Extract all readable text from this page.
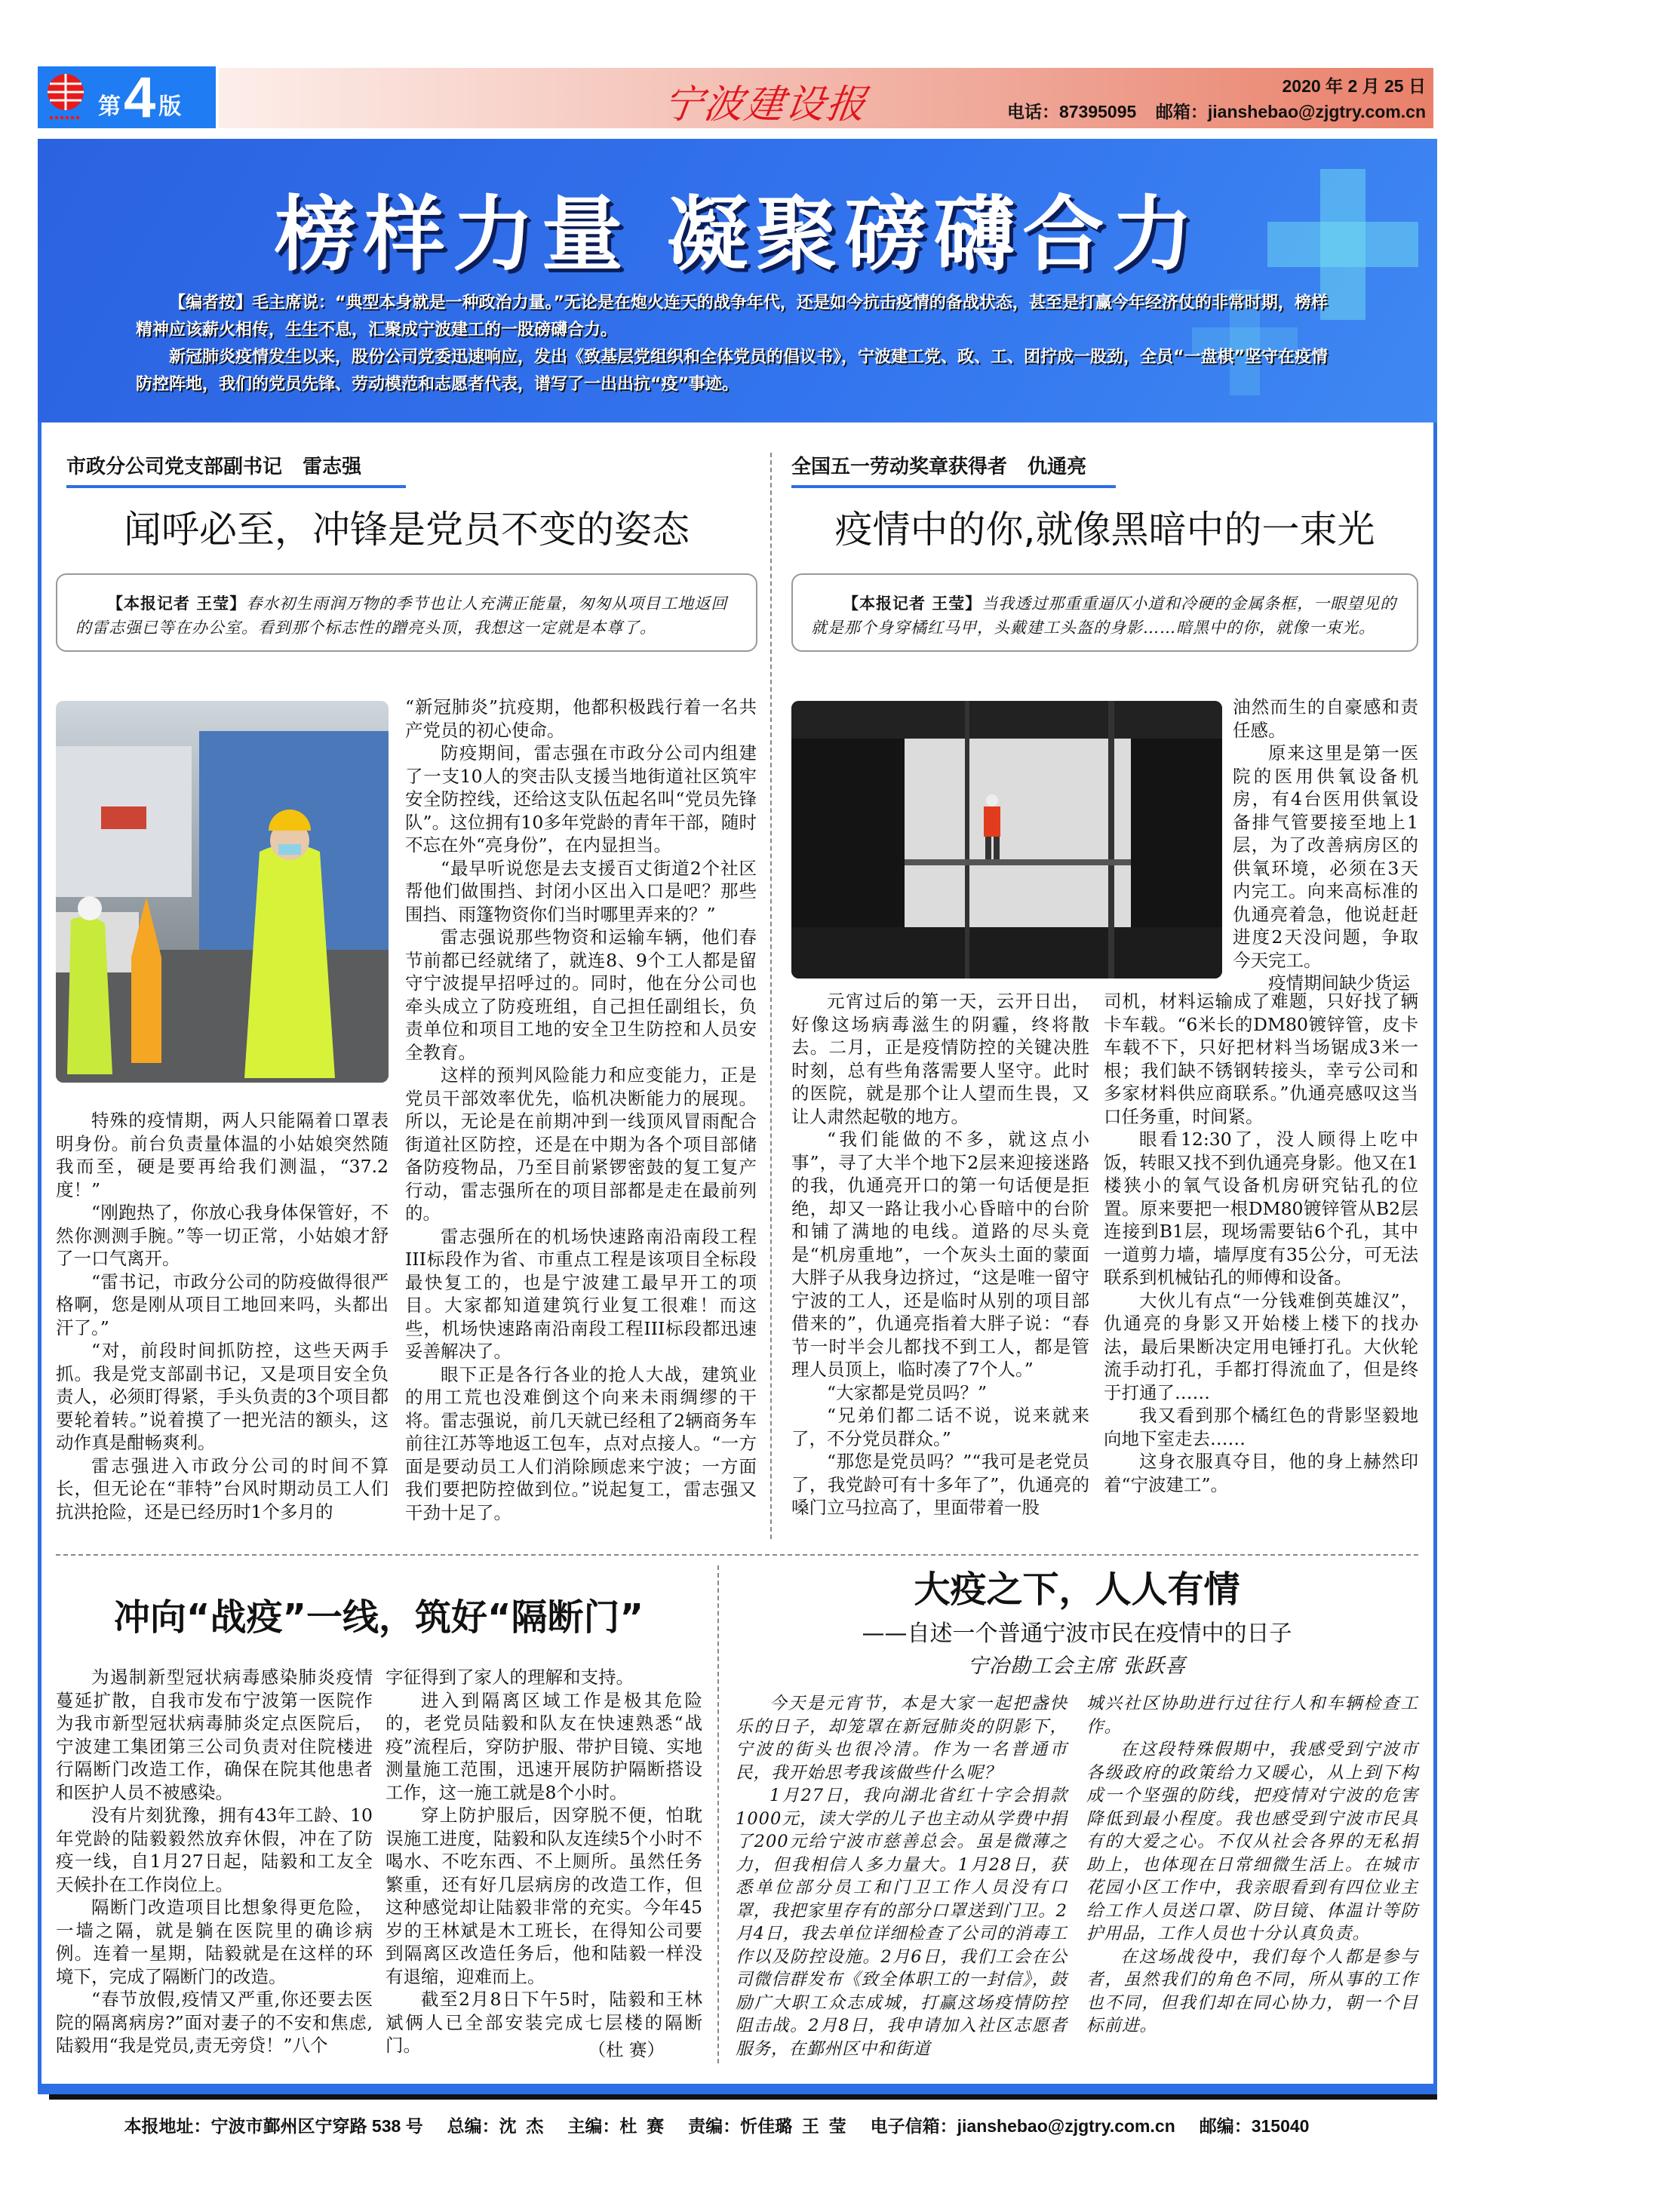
第 4 版	宁波建设报	2020 年 2 月 25 日
电话：87395095 邮箱：jianshebao@zjgtry.com.cn
榜样力量 凝聚磅礴合力

【编者按】毛主席说：“典型本身就是一种政治力量。”无论是在炮火连天的战争年代，还是如今抗击疫情的备战状态，甚至是打赢今年经济仗的非常时期，榜样精神应该薪火相传，生生不息，汇聚成宁波建工的一股磅礴合力。

新冠肺炎疫情发生以来，股份公司党委迅速响应，发出《致基层党组织和全体党员的倡议书》，宁波建工党、政、工、团拧成一股劲，全员“一盘棋”坚守在疫情防控阵地，我们的党员先锋、劳动模范和志愿者代表，谱写了一出出抗“疫”事迹。

市政分公司党支部副书记   雷志强
闻呼必至，冲锋是党员不变的姿态
【本报记者 王莹】春水初生雨润万物的季节也让人充满正能量，匆匆从项目工地返回的雷志强已等在办公室。看到那个标志性的蹭亮头顶，我想这一定就是本尊了。

特殊的疫情期，两人只能隔着口罩表明身份。前台负责量体温的小姑娘突然随我而至，硬是要再给我们测温，“37.2度！”

“刚跑热了，你放心我身体保管好，不然你测测手腕。”等一切正常，小姑娘才舒了一口气离开。

“雷书记，市政分公司的防疫做得很严格啊，您是刚从项目工地回来吗，头都出汗了。”

“对，前段时间抓防控，这些天两手抓。我是党支部副书记，又是项目安全负责人，必须盯得紧，手头负责的3个项目都要轮着转。”说着摸了一把光洁的额头，这动作真是酣畅爽利。

雷志强进入市政分公司的时间不算长，但无论在“菲特”台风时期动员工人们抗洪抢险，还是已经历时1个多月的

“新冠肺炎”抗疫期，他都积极践行着一名共产党员的初心使命。

防疫期间，雷志强在市政分公司内组建了一支10人的突击队支援当地街道社区筑牢安全防控线，还给这支队伍起名叫“党员先锋队”。这位拥有10多年党龄的青年干部，随时不忘在外“亮身份”，在内显担当。

“最早听说您是去支援百丈街道2个社区帮他们做围挡、封闭小区出入口是吧？那些围挡、雨篷物资你们当时哪里弄来的？”

雷志强说那些物资和运输车辆，他们春节前都已经就绪了，就连8、9个工人都是留守宁波提早招呼过的。同时，他在分公司也牵头成立了防疫班组，自己担任副组长，负责单位和项目工地的安全卫生防控和人员安全教育。

这样的预判风险能力和应变能力，正是党员干部效率优先，临机决断能力的展现。所以，无论是在前期冲到一线顶风冒雨配合街道社区防控，还是在中期为各个项目部储备防疫物品，乃至目前紧锣密鼓的复工复产行动，雷志强所在的项目部都是走在最前列的。

雷志强所在的机场快速路南沿南段工程III标段作为省、市重点工程是该项目全标段最快复工的，也是宁波建工最早开工的项目。大家都知道建筑行业复工很难！而这些，机场快速路南沿南段工程III标段都迅速妥善解决了。

眼下正是各行各业的抢人大战，建筑业的用工荒也没难倒这个向来未雨绸缪的干将。雷志强说，前几天就已经租了2辆商务车前往江苏等地返工包车，点对点接人。“一方面是要动员工人们消除顾虑来宁波；一方面我们要把防控做到位。”说起复工，雷志强又干劲十足了。

全国五一劳动奖章获得者   仇通亮
疫情中的你,就像黑暗中的一束光
【本报记者 王莹】当我透过那重重逼仄小道和冷硬的金属条框，一眼望见的就是那个身穿橘红马甲，头戴建工头盔的身影……暗黑中的你，就像一束光。

元宵过后的第一天，云开日出，好像这场病毒滋生的阴霾，终将散去。二月，正是疫情防控的关键决胜时刻，总有些角落需要人坚守。此时的医院，就是那个让人望而生畏，又让人肃然起敬的地方。

“我们能做的不多，就这点小事”，寻了大半个地下2层来迎接迷路的我，仇通亮开口的第一句话便是拒绝，却又一路让我小心昏暗中的台阶和铺了满地的电线。道路的尽头竟是“机房重地”，一个灰头土面的蒙面大胖子从我身边挤过，“这是唯一留守宁波的工人，还是临时从别的项目部借来的”，仇通亮指着大胖子说：“春节一时半会儿都找不到工人，都是管理人员顶上，临时凑了7个人。”

“大家都是党员吗？”

“兄弟们都二话不说，说来就来了，不分党员群众。”

“那您是党员吗？”“我可是老党员了，我党龄可有十多年了”，仇通亮的嗓门立马拉高了，里面带着一股

油然而生的自豪感和责任感。

原来这里是第一医院的医用供氧设备机房，有4台医用供氧设备排气管要接至地上1层，为了改善病房区的供氧环境，必须在3天内完工。向来高标准的仇通亮着急，他说赶赶进度2天没问题，争取今天完工。

疫情期间缺少货运

司机，材料运输成了难题，只好找了辆卡车载。“6米长的DM80镀锌管，皮卡车载不下，只好把材料当场锯成3米一根；我们缺不锈钢转接头，幸亏公司和多家材料供应商联系。”仇通亮感叹这当口任务重，时间紧。

眼看12:30了，没人顾得上吃中饭，转眼又找不到仇通亮身影。他又在1楼狭小的氧气设备机房研究钻孔的位置。原来要把一根DM80镀锌管从B2层连接到B1层，现场需要钻6个孔，其中一道剪力墙，墙厚度有35公分，可无法联系到机械钻孔的师傅和设备。

大伙儿有点“一分钱难倒英雄汉”，仇通亮的身影又开始楼上楼下的找办法，最后果断决定用电锤打孔。大伙轮流手动打孔，手都打得流血了，但是终于打通了……

我又看到那个橘红色的背影坚毅地向地下室走去……

这身衣服真夺目，他的身上赫然印着“宁波建工”。

冲向“战疫”一线，筑好“隔断门”

为遏制新型冠状病毒感染肺炎疫情蔓延扩散，自我市发布宁波第一医院作为我市新型冠状病毒肺炎定点医院后，宁波建工集团第三公司负责对住院楼进行隔断门改造工作，确保在院其他患者和医护人员不被感染。

没有片刻犹豫，拥有43年工龄、10年党龄的陆毅毅然放弃休假，冲在了防疫一线，自1月27日起，陆毅和工友全天候扑在工作岗位上。

隔断门改造项目比想象得更危险，一墙之隔，就是躺在医院里的确诊病例。连着一星期，陆毅就是在这样的环境下，完成了隔断门的改造。

“春节放假,疫情又严重,你还要去医院的隔离病房?”面对妻子的不安和焦虑,陆毅用“我是党员,责无旁贷！”八个

字征得到了家人的理解和支持。

进入到隔离区域工作是极其危险的，老党员陆毅和队友在快速熟悉“战疫”流程后，穿防护服、带护目镜、实地测量施工范围，迅速开展防护隔断搭设工作，这一施工就是8个小时。

穿上防护服后，因穿脱不便，怕耽误施工进度，陆毅和队友连续5个小时不喝水、不吃东西、不上厕所。虽然任务繁重，还有好几层病房的改造工作，但这种感觉却让陆毅非常的充实。今年45岁的王林斌是木工班长，在得知公司要到隔离区改造任务后，他和陆毅一样没有退缩，迎难而上。

截至2月8日下午5时，陆毅和王林斌俩人已全部安装完成七层楼的隔断门。	（杜 赛）
大疫之下，人人有情
——自述一个普通宁波市民在疫情中的日子
宁冶勘工会主席 张跃喜

今天是元宵节，本是大家一起把盏快乐的日子，却笼罩在新冠肺炎的阴影下，宁波的街头也很冷清。作为一名普通市民，我开始思考我该做些什么呢？

1月27日，我向湖北省红十字会捐款1000元，读大学的儿子也主动从学费中捐了200元给宁波市慈善总会。虽是微薄之力，但我相信人多力量大。1月28日，获悉单位部分员工和门卫工作人员没有口罩，我把家里存有的部分口罩送到门卫。2月4日，我去单位详细检查了公司的消毒工作以及防控设施。2月6日，我们工会在公司微信群发布《致全体职工的一封信》，鼓励广大职工众志成城，打赢这场疫情防控阻击战。2月8日，我申请加入社区志愿者服务，在鄞州区中和街道

城兴社区协助进行过往行人和车辆检查工作。

在这段特殊假期中，我感受到宁波市各级政府的政策给力又暖心，从上到下构成一个坚强的防线，把疫情对宁波的危害降低到最小程度。我也感受到宁波市民具有的大爱之心。不仅从社会各界的无私捐助上，也体现在日常细微生活上。在城市花园小区工作中，我亲眼看到有四位业主给工作人员送口罩、防目镜、体温计等防护用品，工作人员也十分认真负责。

在这场战役中，我们每个人都是参与者，虽然我们的角色不同，所从事的工作也不同，但我们却在同心协力，朝一个目标前进。

本报地址：宁波市鄞州区宁穿路 538 号     总编：沈  杰     主编：杜  赛     责编：忻佳璐  王  莹     电子信箱：jianshebao@zjgtry.com.cn     邮编：315040
